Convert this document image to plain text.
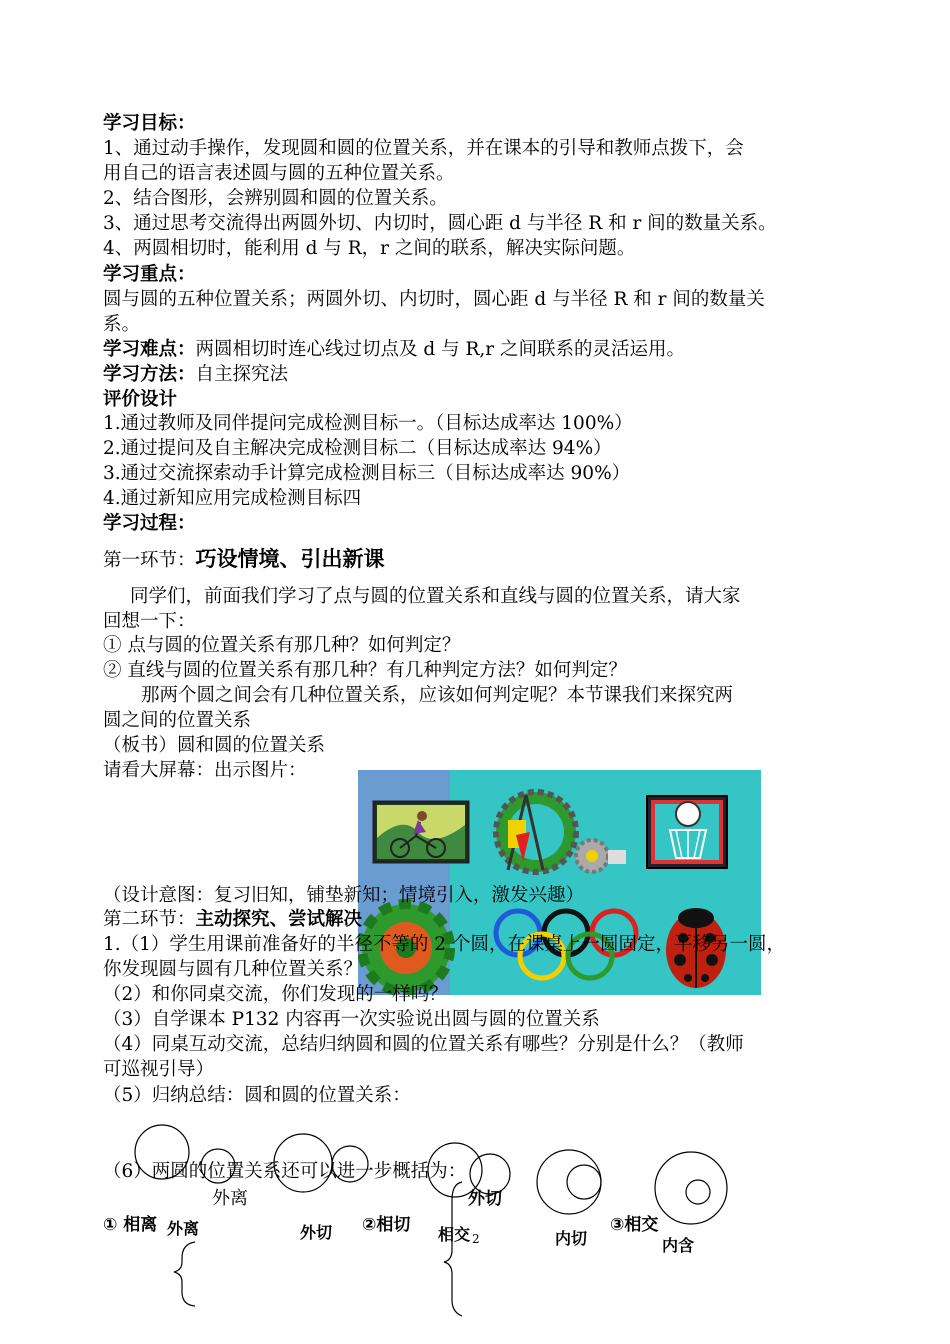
学习目标：
1、通过动手操作，发现圆和圆的位置关系，并在课本的引导和教师点拨下，会
用自己的语言表述圆与圆的五种位置关系。
2、结合图形，会辨别圆和圆的位置关系。
3、通过思考交流得出两圆外切、内切时，圆心距 d 与半径 R 和 r 间的数量关系。
4、两圆相切时，能利用 d 与 R，r 之间的联系，解决实际问题。
学习重点：
圆与圆的五种位置关系；两圆外切、内切时，圆心距 d 与半径 R 和 r 间的数量关
系。
学习难点：两圆相切时连心线过切点及 d 与 R,r 之间联系的灵活运用。
学习方法：自主探究法
评价设计
1.通过教师及同伴提问完成检测目标一。（目标达成率达 100%）
2.通过提问及自主解决完成检测目标二（目标达成率达 94%）
3.通过交流探索动手计算完成检测目标三（目标达成率达 90%）
4.通过新知应用完成检测目标四
学习过程：
第一环节：巧设情境、引出新课
同学们，前面我们学习了点与圆的位置关系和直线与圆的位置关系，请大家
回想一下：
① 点与圆的位置关系有那几种？如何判定？
② 直线与圆的位置关系有那几种？有几种判定方法？如何判定？
那两个圆之间会有几种位置关系，应该如何判定呢？本节课我们来探究两
圆之间的位置关系
（板书）圆和圆的位置关系
请看大屏幕：出示图片：
（设计意图：复习旧知，铺垫新知；情境引入，激发兴趣）
第二环节：主动探究、尝试解决
1.（1）学生用课前准备好的半径不等的 2 个圆，在课桌上一圆固定，平移另一圆，
你发现圆与圆有几种位置关系？
（2）和你同桌交流，你们发现的一样吗？
（3）自学课本 P132 内容再一次实验说出圆与圆的位置关系
（4）同桌互动交流，总结归纳圆和圆的位置关系有哪些？分别是什么？（教师
可巡视引导）
（5）归纳总结：圆和圆的位置关系：
（6）两圆的位置关系还可以进一步概括为：
外离	外切
① 相离 外离	外切 ②相切 相交 2	内切
③相交
内含
